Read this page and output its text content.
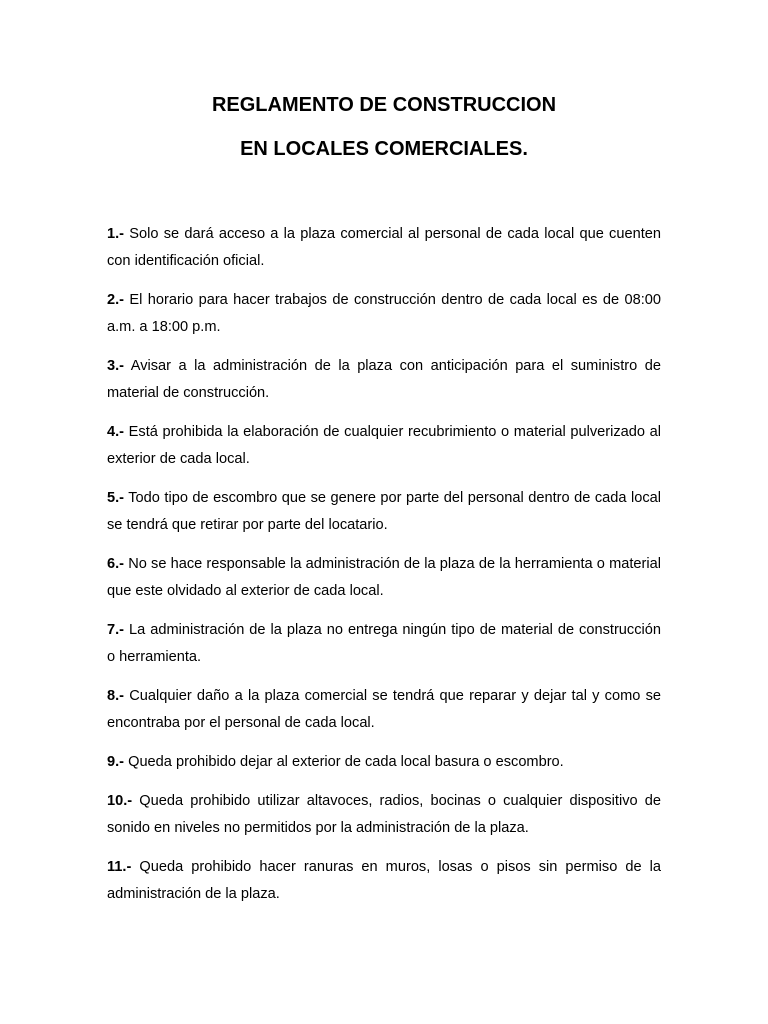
REGLAMENTO DE CONSTRUCCION
EN LOCALES COMERCIALES.
1.- Solo se dará acceso a la plaza comercial al personal de cada local que cuenten con identificación oficial.
2.- El horario para hacer trabajos de construcción dentro de cada local es de 08:00 a.m. a 18:00 p.m.
3.- Avisar a la administración de la plaza con anticipación para el suministro de material de construcción.
4.- Está prohibida la elaboración de cualquier recubrimiento o material pulverizado al exterior de cada local.
5.- Todo tipo de escombro que se genere por parte del personal dentro de cada local se tendrá que retirar por parte del locatario.
6.- No se hace responsable la administración de la plaza de la herramienta o material que este olvidado al exterior de cada local.
7.- La administración de la plaza no entrega ningún tipo de material de construcción o herramienta.
8.- Cualquier daño a la plaza comercial se tendrá que reparar y dejar tal y como se encontraba por el personal de cada local.
9.- Queda prohibido dejar al exterior de cada local basura o escombro.
10.- Queda prohibido utilizar altavoces, radios, bocinas o cualquier dispositivo de sonido en niveles no permitidos por la administración de la plaza.
11.- Queda prohibido hacer ranuras en muros, losas o pisos sin permiso de la administración de la plaza.
